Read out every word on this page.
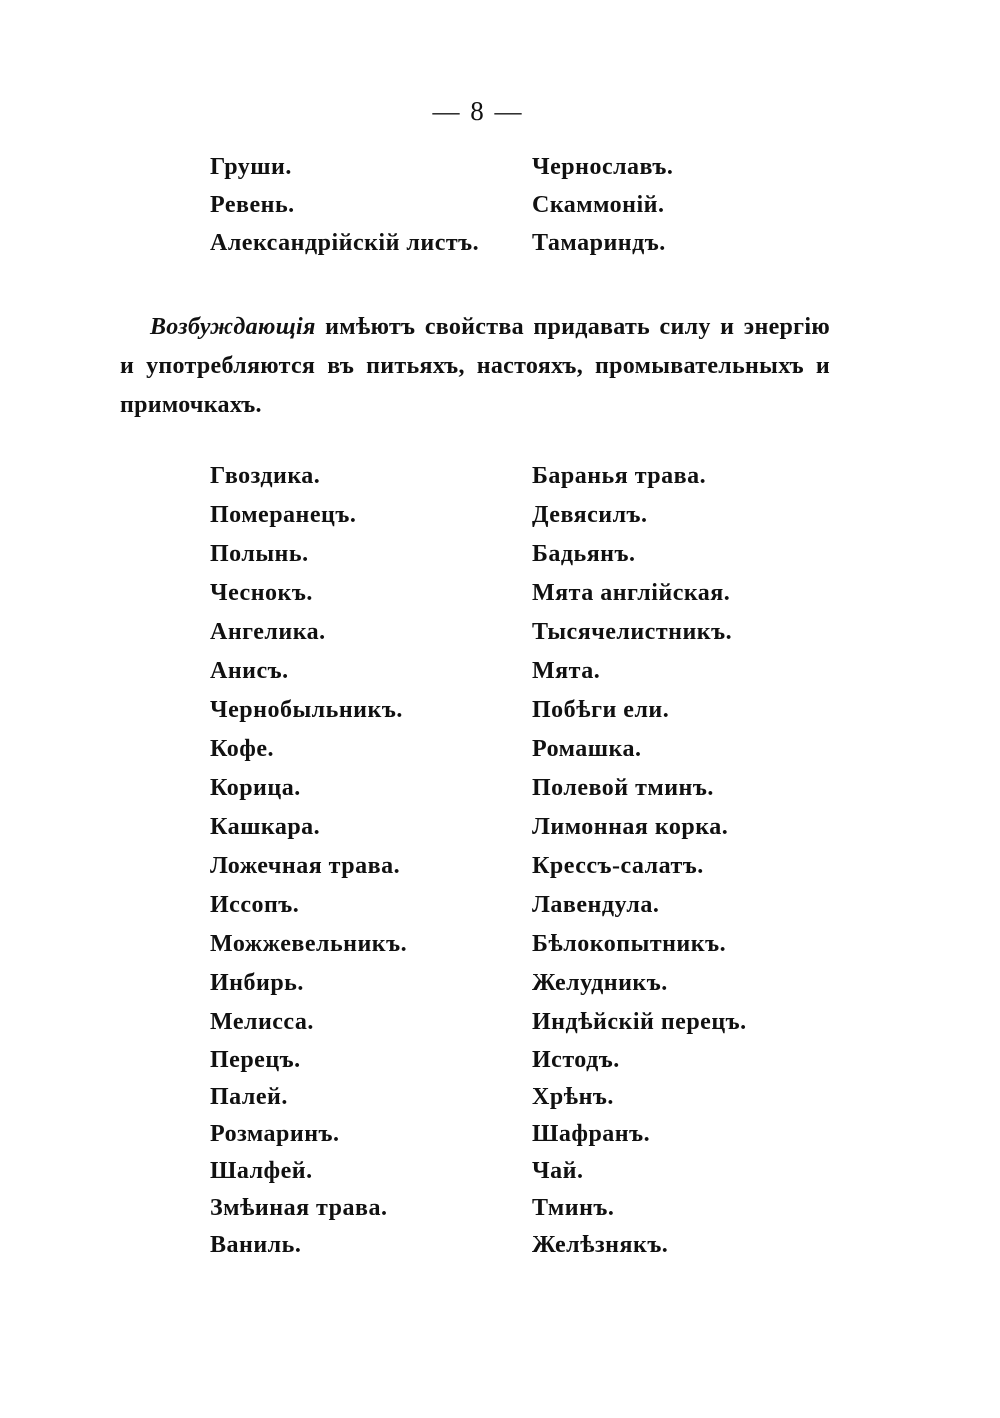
— 8 —
Груши.	Чернославъ.
Ревень.	Скаммоній.
Александрійскій листъ.	Тамариндъ.
Возбуждающія имѣютъ свойства придавать силу и энергію и употребляются въ питьяхъ, настояхъ, промывательныхъ и примочкахъ.
Гвоздика.	Баранья трава.
Померанецъ.	Девясилъ.
Полынь.	Бадьянъ.
Чеснокъ.	Мята англійская.
Ангелика.	Тысячелистникъ.
Анисъ.	Мята.
Чернобыльникъ.	Побѣги ели.
Кофе.	Ромашка.
Корица.	Полевой тминъ.
Кашкара.	Лимонная корка.
Ложечная трава.	Крессъ-салатъ.
Иссопъ.	Лавендула.
Можжевельникъ.	Бѣлокопытникъ.
Инбирь.	Желудникъ.
Мелисса.	Индѣйскій перецъ.
Перецъ.	Истодъ.
Палей.	Хрѣнъ.
Розмаринъ.	Шафранъ.
Шалфей.	Чай.
Змѣиная трава.	Тминъ.
Ваниль.	Желѣзнякъ.
